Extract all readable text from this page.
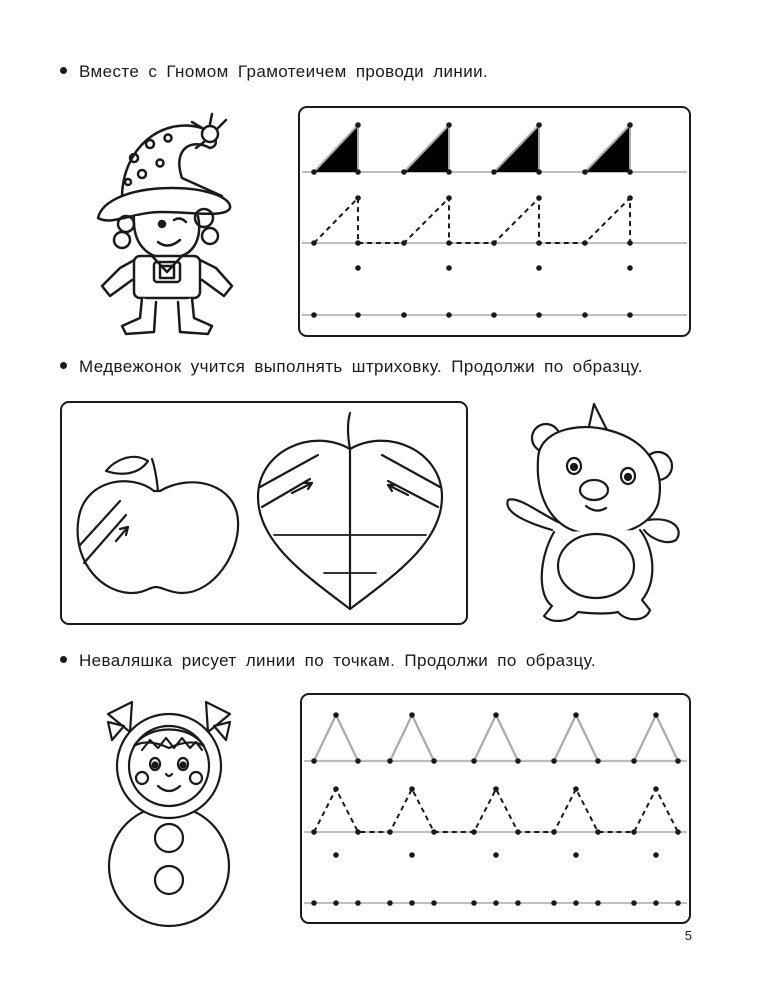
Вместе с Гномом Грамотеичем проводи линии.
Медвежонок учится выполнять штриховку. Продолжи по образцу.
Неваляшка рисует линии по точкам. Продолжи по образцу.
5
